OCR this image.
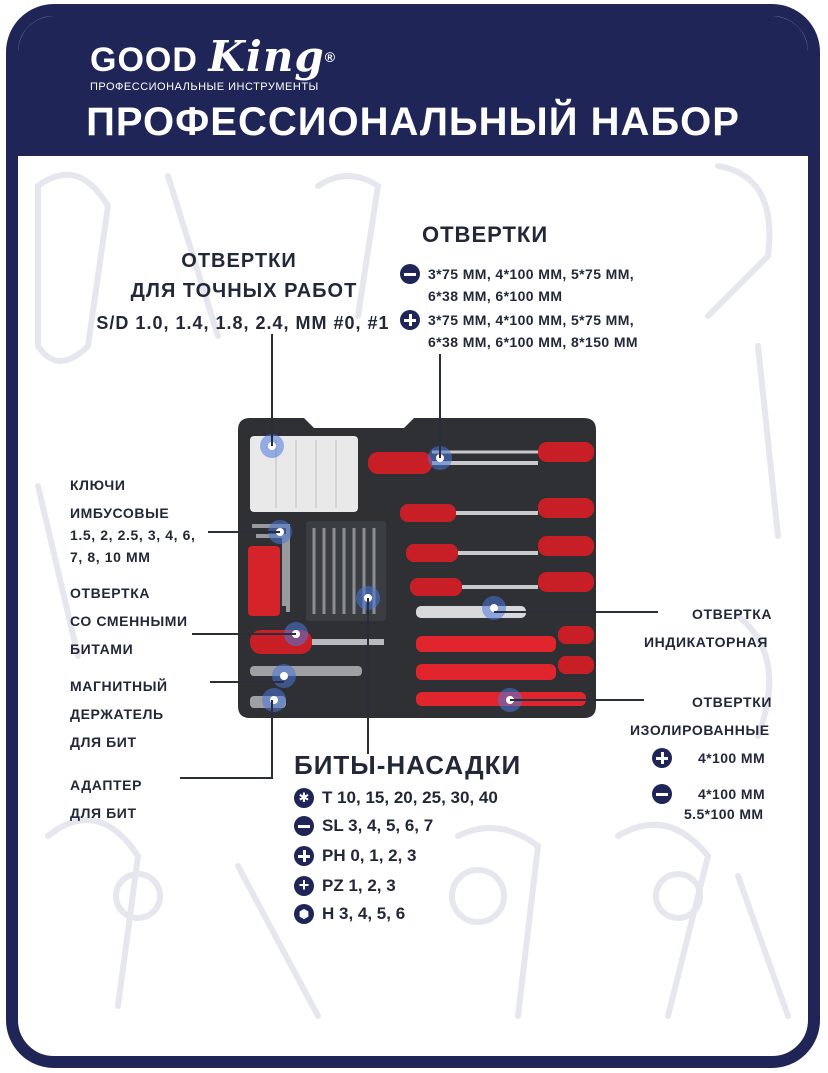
GOOD King®
ПРОФЕССИОНАЛЬНЫЕ ИНСТРУМЕНТЫ
ПРОФЕССИОНАЛЬНЫЙ НАБОР
ОТВЕРТКИ
ДЛЯ ТОЧНЫХ РАБОТ
S/D 1.0, 1.4, 1.8, 2.4, ММ #0, #1
ОТВЕРТКИ
3*75 ММ, 4*100 ММ, 5*75 ММ,
6*38 ММ, 6*100 ММ
3*75 ММ, 4*100 ММ, 5*75 ММ,
6*38 ММ, 6*100 ММ, 8*150 ММ
КЛЮЧИ
ИМБУСОВЫЕ
1.5, 2, 2.5, 3, 4, 6,
7, 8, 10 ММ
ОТВЕРТКА
СО СМЕННЫМИ
БИТАМИ
МАГНИТНЫЙ
ДЕРЖАТЕЛЬ
ДЛЯ БИТ
АДАПТЕР
ДЛЯ БИТ
ОТВЕРТКА
ИНДИКАТОРНАЯ
ОТВЕРТКИ
ИЗОЛИРОВАННЫЕ
4*100 ММ
4*100 ММ
5.5*100 ММ
БИТЫ-НАСАДКИ
✱
T 10, 15, 20, 25, 30, 40
SL 3, 4, 5, 6, 7
PH 0, 1, 2, 3
+
PZ 1, 2, 3
⬢
H 3, 4, 5, 6
